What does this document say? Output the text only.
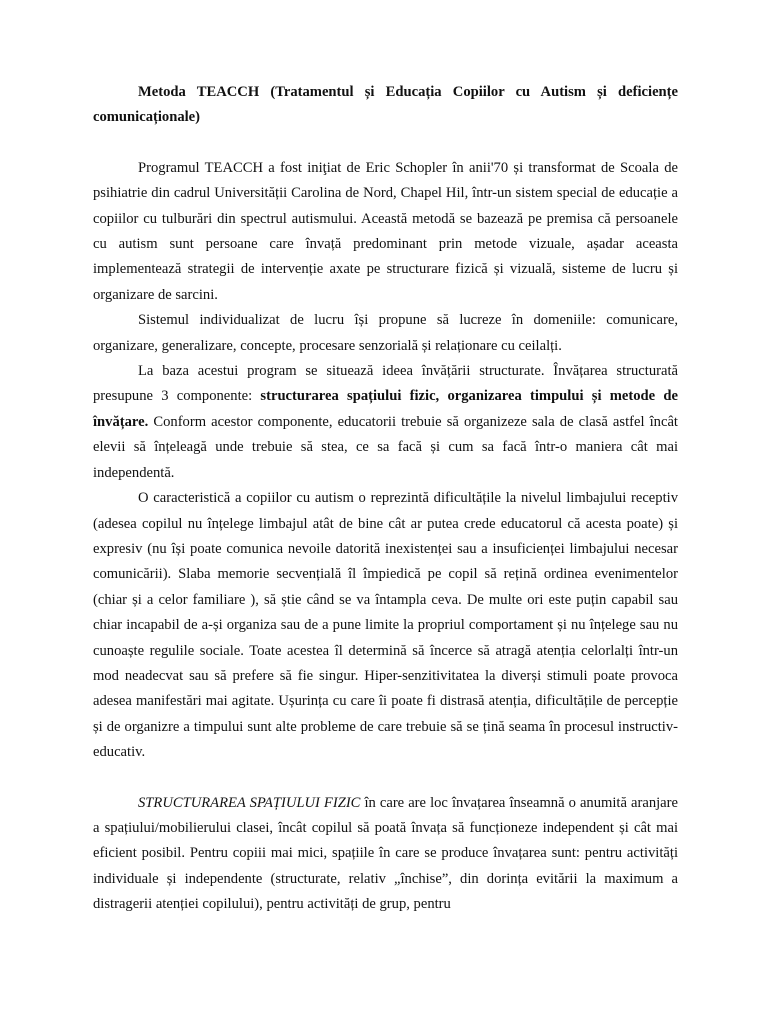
Metoda TEACCH (Tratamentul și Educația Copiilor cu Autism și deficiențe comunicaționale)

Programul TEACCH a fost iniţiat de Eric Schopler în anii'70 și transformat de Scoala de psihiatrie din cadrul Universității Carolina de Nord, Chapel Hil, într-un sistem special de educație a copiilor cu tulburări din spectrul autismului. Această metodă se bazează pe premisa că persoanele cu autism sunt persoane care învață predominant prin metode vizuale, așadar aceasta implementează strategii de intervenție axate pe structurare fizică și vizuală, sisteme de lucru și organizare de sarcini.

Sistemul individualizat de lucru își propune să lucreze în domeniile: comunicare, organizare, generalizare, concepte, procesare senzorială și relaționare cu ceilalți.

La baza acestui program se situează ideea învățării structurate. Învățarea structurată presupune 3 componente: structurarea spațiului fizic, organizarea timpului și metode de învățare. Conform acestor componente, educatorii trebuie să organizeze sala de clasă astfel încât elevii să înțeleagă unde trebuie să stea, ce sa facă și cum sa facă într-o maniera cât mai independentă.

O caracteristică a copiilor cu autism o reprezintă dificultățile la nivelul limbajului receptiv (adesea copilul nu înțelege limbajul atât de bine cât ar putea crede educatorul că acesta poate) și expresiv (nu își poate comunica nevoile datorită inexistenței sau a insuficienței limbajului necesar comunicării). Slaba memorie secvențială îl împiedică pe copil să rețină ordinea evenimentelor (chiar și a celor familiare ), să știe când se va întampla ceva. De multe ori este puțin capabil sau chiar incapabil de a-și organiza sau de a pune limite la propriul comportament și nu înțelege sau nu cunoaște regulile sociale. Toate acestea îl determină să încerce să atragă atenția celorlalți într-un mod neadecvat sau să prefere să fie singur. Hiper-senzitivitatea la diverși stimuli poate provoca adesea manifestări mai agitate. Ușurința cu care îi poate fi distrasă atenția, dificultățile de percepție și de organizre a timpului sunt alte probleme de care trebuie să se țină seama în procesul instructiv-educativ.

STRUCTURAREA SPAȚIULUI FIZIC în care are loc învațarea înseamnă o anumită aranjare a spațiului/mobilierului clasei, încât copilul să poată învața să funcționeze independent și cât mai eficient posibil. Pentru copiii mai mici, spațiile în care se produce învațarea sunt: pentru activități individuale și independente (structurate, relativ „închise”, din dorința evitării la maximum a distragerii atenției copilului), pentru activități de grup, pentru
